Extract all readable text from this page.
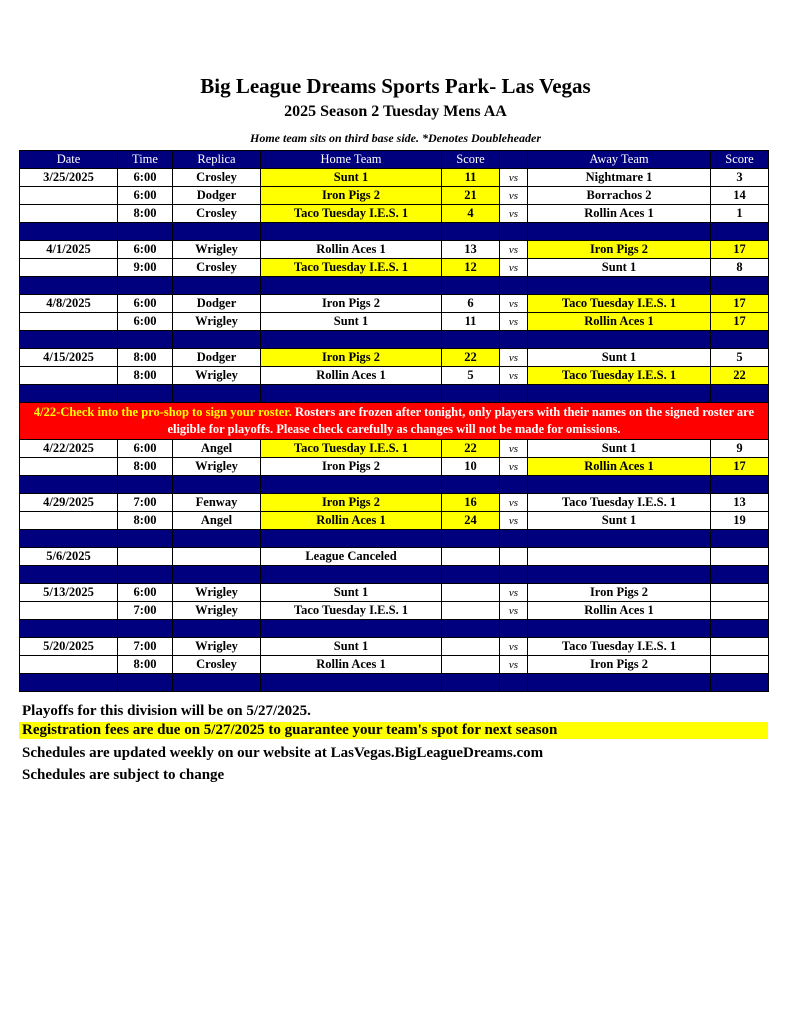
Big League Dreams Sports Park- Las Vegas
2025 Season 2 Tuesday Mens AA
Home team sits on third base side. *Denotes Doubleheader
Date	Time	Replica	Home Team	Score		Away Team	Score
3/25/2025	6:00	Crosley	Sunt 1	11	vs	Nightmare 1	3
	6:00	Dodger	Iron Pigs 2	21	vs	Borrachos 2	14
	8:00	Crosley	Taco Tuesday I.E.S. 1	4	vs	Rollin Aces 1	1

4/1/2025	6:00	Wrigley	Rollin Aces 1	13	vs	Iron Pigs 2	17
	9:00	Crosley	Taco Tuesday I.E.S. 1	12	vs	Sunt 1	8

4/8/2025	6:00	Dodger	Iron Pigs 2	6	vs	Taco Tuesday I.E.S. 1	17
	6:00	Wrigley	Sunt 1	11	vs	Rollin Aces 1	17

4/15/2025	8:00	Dodger	Iron Pigs 2	22	vs	Sunt 1	5
	8:00	Wrigley	Rollin Aces 1	5	vs	Taco Tuesday I.E.S. 1	22

4/22-Check into the pro-shop to sign your roster. Rosters are frozen after tonight, only players with their names on the signed roster are eligible for playoffs. Please check carefully as changes will not be made for omissions.							
4/22/2025	6:00	Angel	Taco Tuesday I.E.S. 1	22	vs	Sunt 1	9
	8:00	Wrigley	Iron Pigs 2	10	vs	Rollin Aces 1	17

4/29/2025	7:00	Fenway	Iron Pigs 2	16	vs	Taco Tuesday I.E.S. 1	13
	8:00	Angel	Rollin Aces 1	24	vs	Sunt 1	19

5/6/2025			League Canceled				

5/13/2025	6:00	Wrigley	Sunt 1		vs	Iron Pigs 2	
	7:00	Wrigley	Taco Tuesday I.E.S. 1		vs	Rollin Aces 1	

5/20/2025	7:00	Wrigley	Sunt 1		vs	Taco Tuesday I.E.S. 1	
	8:00	Crosley	Rollin Aces 1		vs	Iron Pigs 2	

Playoffs for this division will be on 5/27/2025.
Registration fees are due on 5/27/2025 to guarantee your team's spot for next season
Schedules are updated weekly on our website at LasVegas.BigLeagueDreams.com
Schedules are subject to change
